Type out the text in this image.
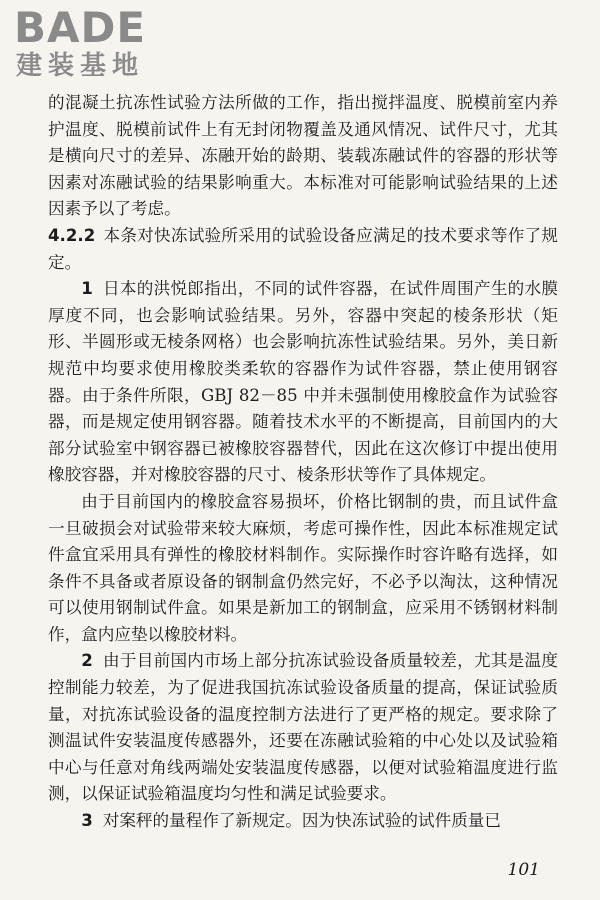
BADE
建装基地

的混凝土抗冻性试验方法所做的工作，指出搅拌温度、脱模前室内养护温度、脱模前试件上有无封闭物覆盖及通风情况、试件尺寸，尤其是横向尺寸的差异、冻融开始的龄期、装载冻融试件的容器的形状等因素对冻融试验的结果影响重大。本标准对可能影响试验结果的上述因素予以了考虑。

4.2.2 本条对快冻试验所采用的试验设备应满足的技术要求等作了规定。

1 日本的洪悦郎指出，不同的试件容器，在试件周围产生的水膜厚度不同，也会影响试验结果。另外，容器中突起的棱条形状（矩形、半圆形或无棱条网格）也会影响抗冻性试验结果。另外，美日新规范中均要求使用橡胶类柔软的容器作为试件容器，禁止使用钢容器。由于条件所限，GBJ 82－85 中并未强制使用橡胶盒作为试验容器，而是规定使用钢容器。随着技术水平的不断提高，目前国内的大部分试验室中钢容器已被橡胶容器替代，因此在这次修订中提出使用橡胶容器，并对橡胶容器的尺寸、棱条形状等作了具体规定。

由于目前国内的橡胶盒容易损坏，价格比钢制的贵，而且试件盒一旦破损会对试验带来较大麻烦，考虑可操作性，因此本标准规定试件盒宜采用具有弹性的橡胶材料制作。实际操作时容许略有选择，如条件不具备或者原设备的钢制盒仍然完好，不必予以淘汰，这种情况可以使用钢制试件盒。如果是新加工的钢制盒，应采用不锈钢材料制作，盒内应垫以橡胶材料。

2 由于目前国内市场上部分抗冻试验设备质量较差，尤其是温度控制能力较差，为了促进我国抗冻试验设备质量的提高，保证试验质量，对抗冻试验设备的温度控制方法进行了更严格的规定。要求除了测温试件安装温度传感器外，还要在冻融试验箱的中心处以及试验箱中心与任意对角线两端处安装温度传感器，以便对试验箱温度进行监测，以保证试验箱温度均匀性和满足试验要求。

3 对案秤的量程作了新规定。因为快冻试验的试件质量已

101
